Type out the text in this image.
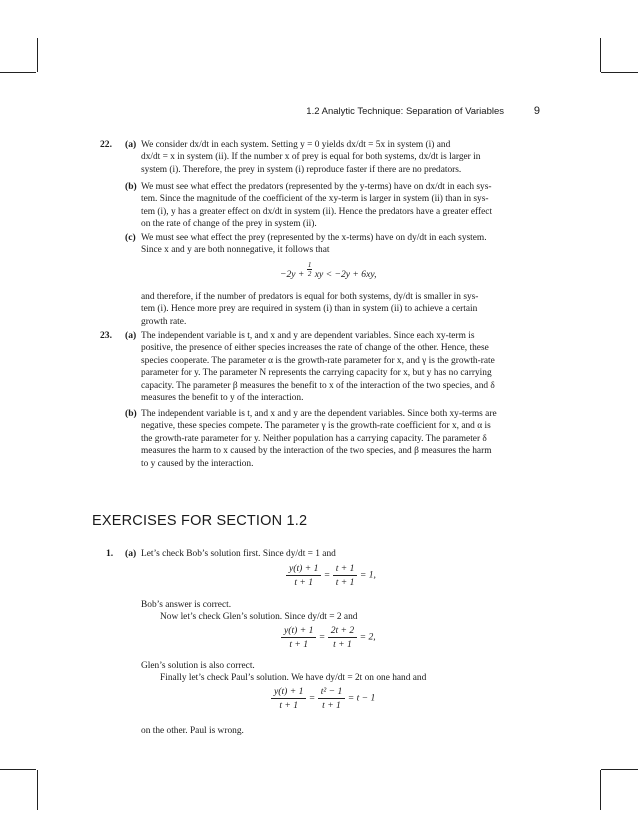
1.2 Analytic Technique: Separation of Variables	9
22. (a) We consider dx/dt in each system. Setting y = 0 yields dx/dt = 5x in system (i) and
dx/dt = x in system (ii). If the number x of prey is equal for both systems, dx/dt is larger in
system (i). Therefore, the prey in system (i) reproduce faster if there are no predators.
(b) We must see what effect the predators (represented by the y-terms) have on dx/dt in each sys-
tem. Since the magnitude of the coefficient of the xy-term is larger in system (ii) than in sys-
tem (i), y has a greater effect on dx/dt in system (ii). Hence the predators have a greater effect
on the rate of change of the prey in system (ii).
(c) We must see what effect the prey (represented by the x-terms) have on dy/dt in each system.
Since x and y are both nonnegative, it follows that
$-2y + \frac{1}{2}$ xy < −2y + 6xy,
and therefore, if the number of predators is equal for both systems, dy/dt is smaller in sys-
tem (i). Hence more prey are required in system (i) than in system (ii) to achieve a certain
growth rate.
23. (a) The independent variable is t, and x and y are dependent variables. Since each xy-term is
positive, the presence of either species increases the rate of change of the other. Hence, these
species cooperate. The parameter α is the growth-rate parameter for x, and γ is the growth-rate
parameter for y. The parameter N represents the carrying capacity for x, but y has no carrying
capacity. The parameter β measures the benefit to x of the interaction of the two species, and δ
measures the benefit to y of the interaction.
(b) The independent variable is t, and x and y are the dependent variables. Since both xy-terms are
negative, these species compete. The parameter γ is the growth-rate coefficient for x, and α is
the growth-rate parameter for y. Neither population has a carrying capacity. The parameter δ
measures the harm to x caused by the interaction of the two species, and β measures the harm
to y caused by the interaction.
EXERCISES FOR SECTION 1.2
1. (a) Let’s check Bob’s solution first. Since dy/dt = 1 and
$\frac{y(t) + 1}{t + 1} = \frac{t + 1}{t + 1} = 1$,
Bob’s answer is correct.
Now let’s check Glen’s solution. Since dy/dt = 2 and
$\frac{y(t) + 1}{t + 1} = \frac{2t + 2}{t + 1} = 2$,
Glen’s solution is also correct.
Finally let’s check Paul’s solution. We have dy/dt = 2t on one hand and
$\frac{y(t) + 1}{t + 1} = \frac{\text{t² − 1}}{t + 1} = t - 1$
on the other. Paul is wrong.
